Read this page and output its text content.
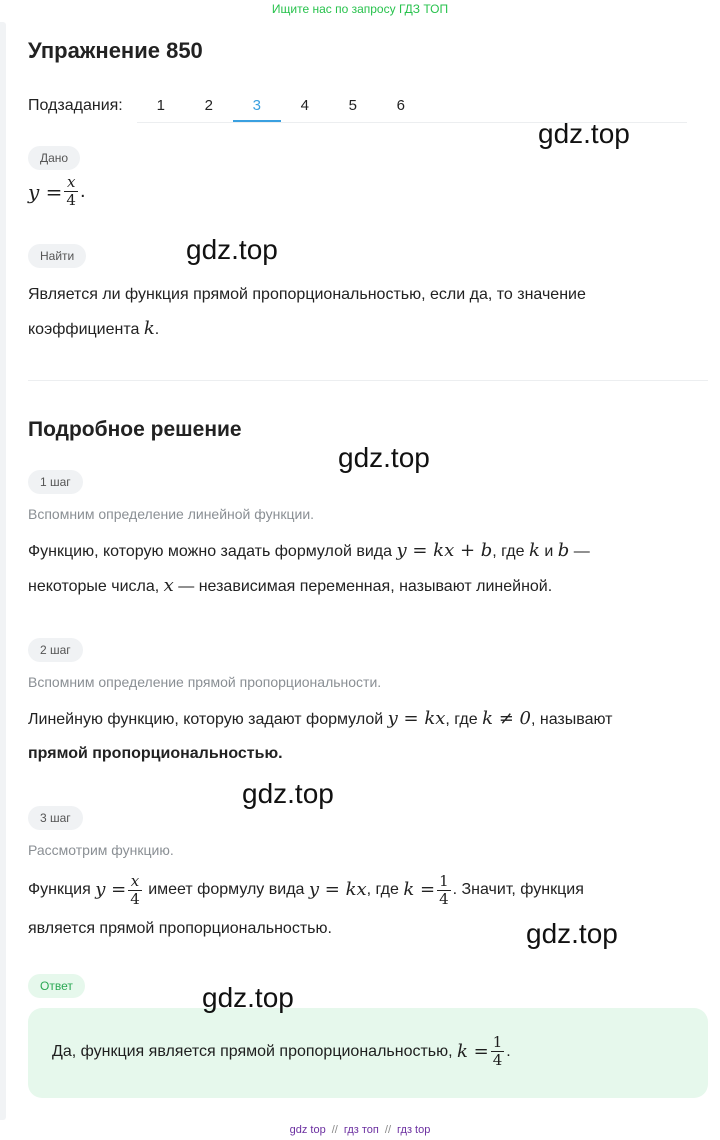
Ищите нас по запросу ГДЗ ТОП
Упражнение 850
Подзадания:	1	2	3	4	5	6
Дано
$y = \frac{x}{4}$ .
Найти
Является ли функция прямой пропорциональностью, если да, то значение
коэффициента k.
Подробное решение
1 шаг
Вспомним определение линейной функции.
Функцию, которую можно задать формулой вида y = kx + b, где k и b —
некоторые числа, x — независимая переменная, называют линейной.
2 шаг
Вспомним определение прямой пропорциональности.
Линейную функцию, которую задают формулой y = kx, где k ≠ 0, называют
прямой пропорциональностью.
3 шаг
Рассмотрим функцию.
Функция
$y = \frac{x}{4}$
имеет формулу вида
y = kx , где
$k = \frac{1}{4}$ . Значит, функция
является прямой пропорциональностью.
Ответ
Да, функция является прямой пропорциональностью,
$k = \frac{1}{4}$ .
gdz.top
gdz.top
gdz.top
gdz.top
gdz.top
gdz.top
gdz top // гдз топ // гдз top
